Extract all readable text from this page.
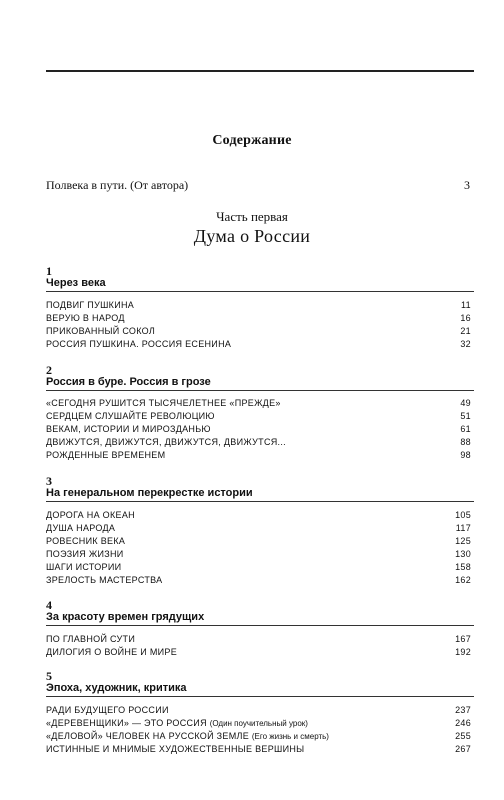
Содержание
Полвека в пути. (От автора)	3
Часть первая
Дума о России
1
Через века
ПОДВИГ ПУШКИНА	11
ВЕРУЮ В НАРОД	16
ПРИКОВАННЫЙ СОКОЛ	21
РОССИЯ ПУШКИНА. РОССИЯ ЕСЕНИНА	32
2
Россия в буре. Россия в грозе
«СЕГОДНЯ РУШИТСЯ ТЫСЯЧЕЛЕТНЕЕ «ПРЕЖДЕ»	49
СЕРДЦЕМ СЛУШАЙТЕ РЕВОЛЮЦИЮ	51
ВЕКАМ, ИСТОРИИ И МИРОЗДАНЬЮ	61
ДВИЖУТСЯ, ДВИЖУТСЯ, ДВИЖУТСЯ, ДВИЖУТСЯ...	88
РОЖДЕННЫЕ ВРЕМЕНЕМ	98
3
На генеральном перекрестке истории
ДОРОГА НА ОКЕАН	105
ДУША НАРОДА	117
РОВЕСНИК ВЕКА	125
ПОЭЗИЯ ЖИЗНИ	130
ШАГИ ИСТОРИИ	158
ЗРЕЛОСТЬ МАСТЕРСТВА	162
4
За красоту времен грядущих
ПО ГЛАВНОЙ СУТИ	167
ДИЛОГИЯ О ВОЙНЕ И МИРЕ	192
5
Эпоха, художник, критика
РАДИ БУДУЩЕГО РОССИИ	237
«ДЕРЕВЕНЩИКИ» — ЭТО РОССИЯ (Один поучительный урок)	246
«ДЕЛОВОЙ» ЧЕЛОВЕК НА РУССКОЙ ЗЕМЛЕ (Его жизнь и смерть)	255
ИСТИННЫЕ И МНИМЫЕ ХУДОЖЕСТВЕННЫЕ ВЕРШИНЫ	267
